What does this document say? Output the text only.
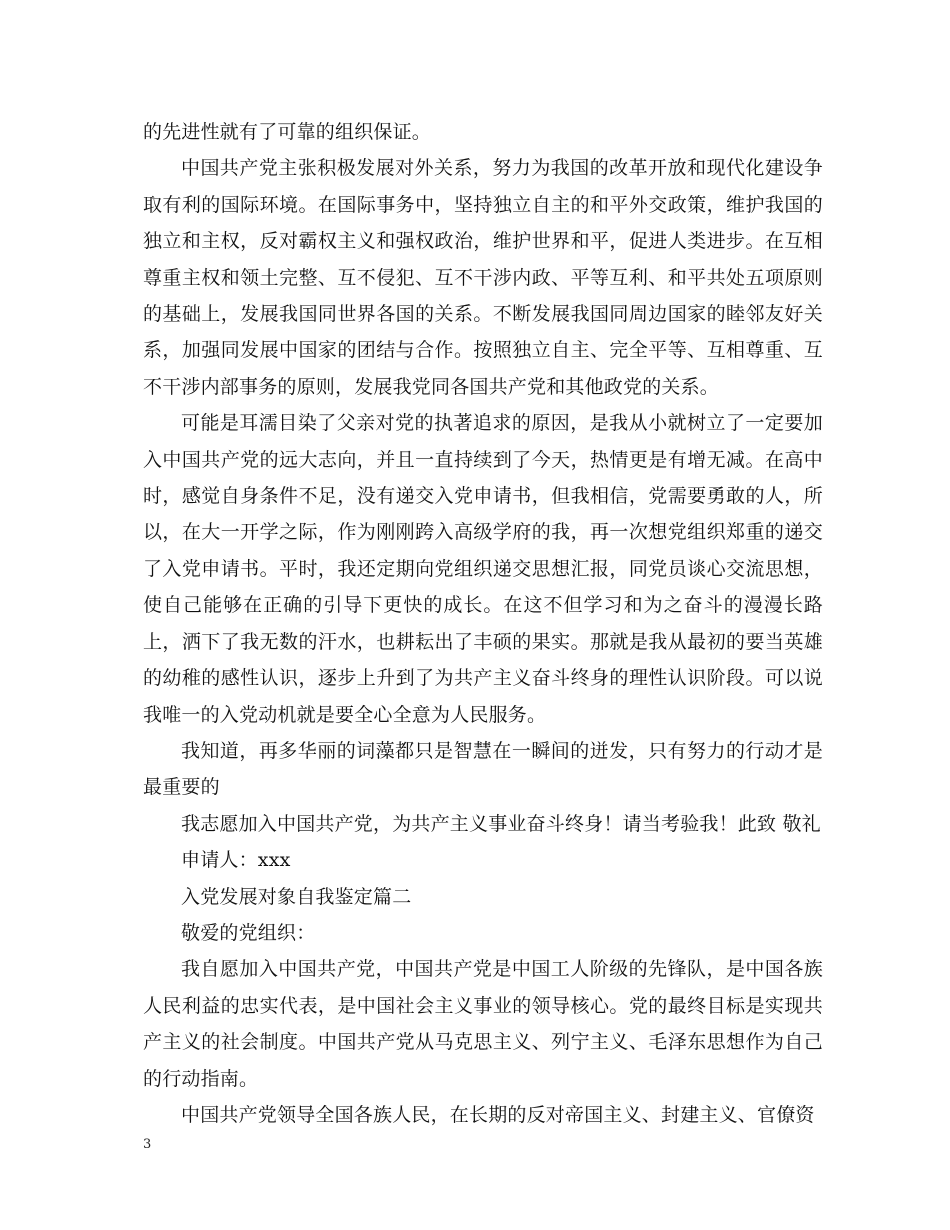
的先进性就有了可靠的组织保证。

中国共产党主张积极发展对外关系，努力为我国的改革开放和现代化建设争取有利的国际环境。在国际事务中，坚持独立自主的和平外交政策，维护我国的独立和主权，反对霸权主义和强权政治，维护世界和平，促进人类进步。在互相尊重主权和领土完整、互不侵犯、互不干涉内政、平等互利、和平共处五项原则的基础上，发展我国同世界各国的关系。不断发展我国同周边国家的睦邻友好关系，加强同发展中国家的团结与合作。按照独立自主、完全平等、互相尊重、互不干涉内部事务的原则，发展我党同各国共产党和其他政党的关系。

可能是耳濡目染了父亲对党的执著追求的原因，是我从小就树立了一定要加入中国共产党的远大志向，并且一直持续到了今天，热情更是有增无减。在高中时，感觉自身条件不足，没有递交入党申请书，但我相信，党需要勇敢的人，所以，在大一开学之际，作为刚刚跨入高级学府的我，再一次想党组织郑重的递交了入党申请书。平时，我还定期向党组织递交思想汇报，同党员谈心交流思想，使自己能够在正确的引导下更快的成长。在这不但学习和为之奋斗的漫漫长路上，洒下了我无数的汗水，也耕耘出了丰硕的果实。那就是我从最初的要当英雄的幼稚的感性认识，逐步上升到了为共产主义奋斗终身的理性认识阶段。可以说我唯一的入党动机就是要全心全意为人民服务。

我知道，再多华丽的词藻都只是智慧在一瞬间的迸发，只有努力的行动才是最重要的

我志愿加入中国共产党，为共产主义事业奋斗终身！请当考验我！此致 敬礼

申请人：xxx

入党发展对象自我鉴定篇二

敬爱的党组织：

我自愿加入中国共产党，中国共产党是中国工人阶级的先锋队，是中国各族人民利益的忠实代表，是中国社会主义事业的领导核心。党的最终目标是实现共产主义的社会制度。中国共产党从马克思主义、列宁主义、毛泽东思想作为自己的行动指南。

中国共产党领导全国各族人民，在长期的反对帝国主义、封建主义、官僚资

3
